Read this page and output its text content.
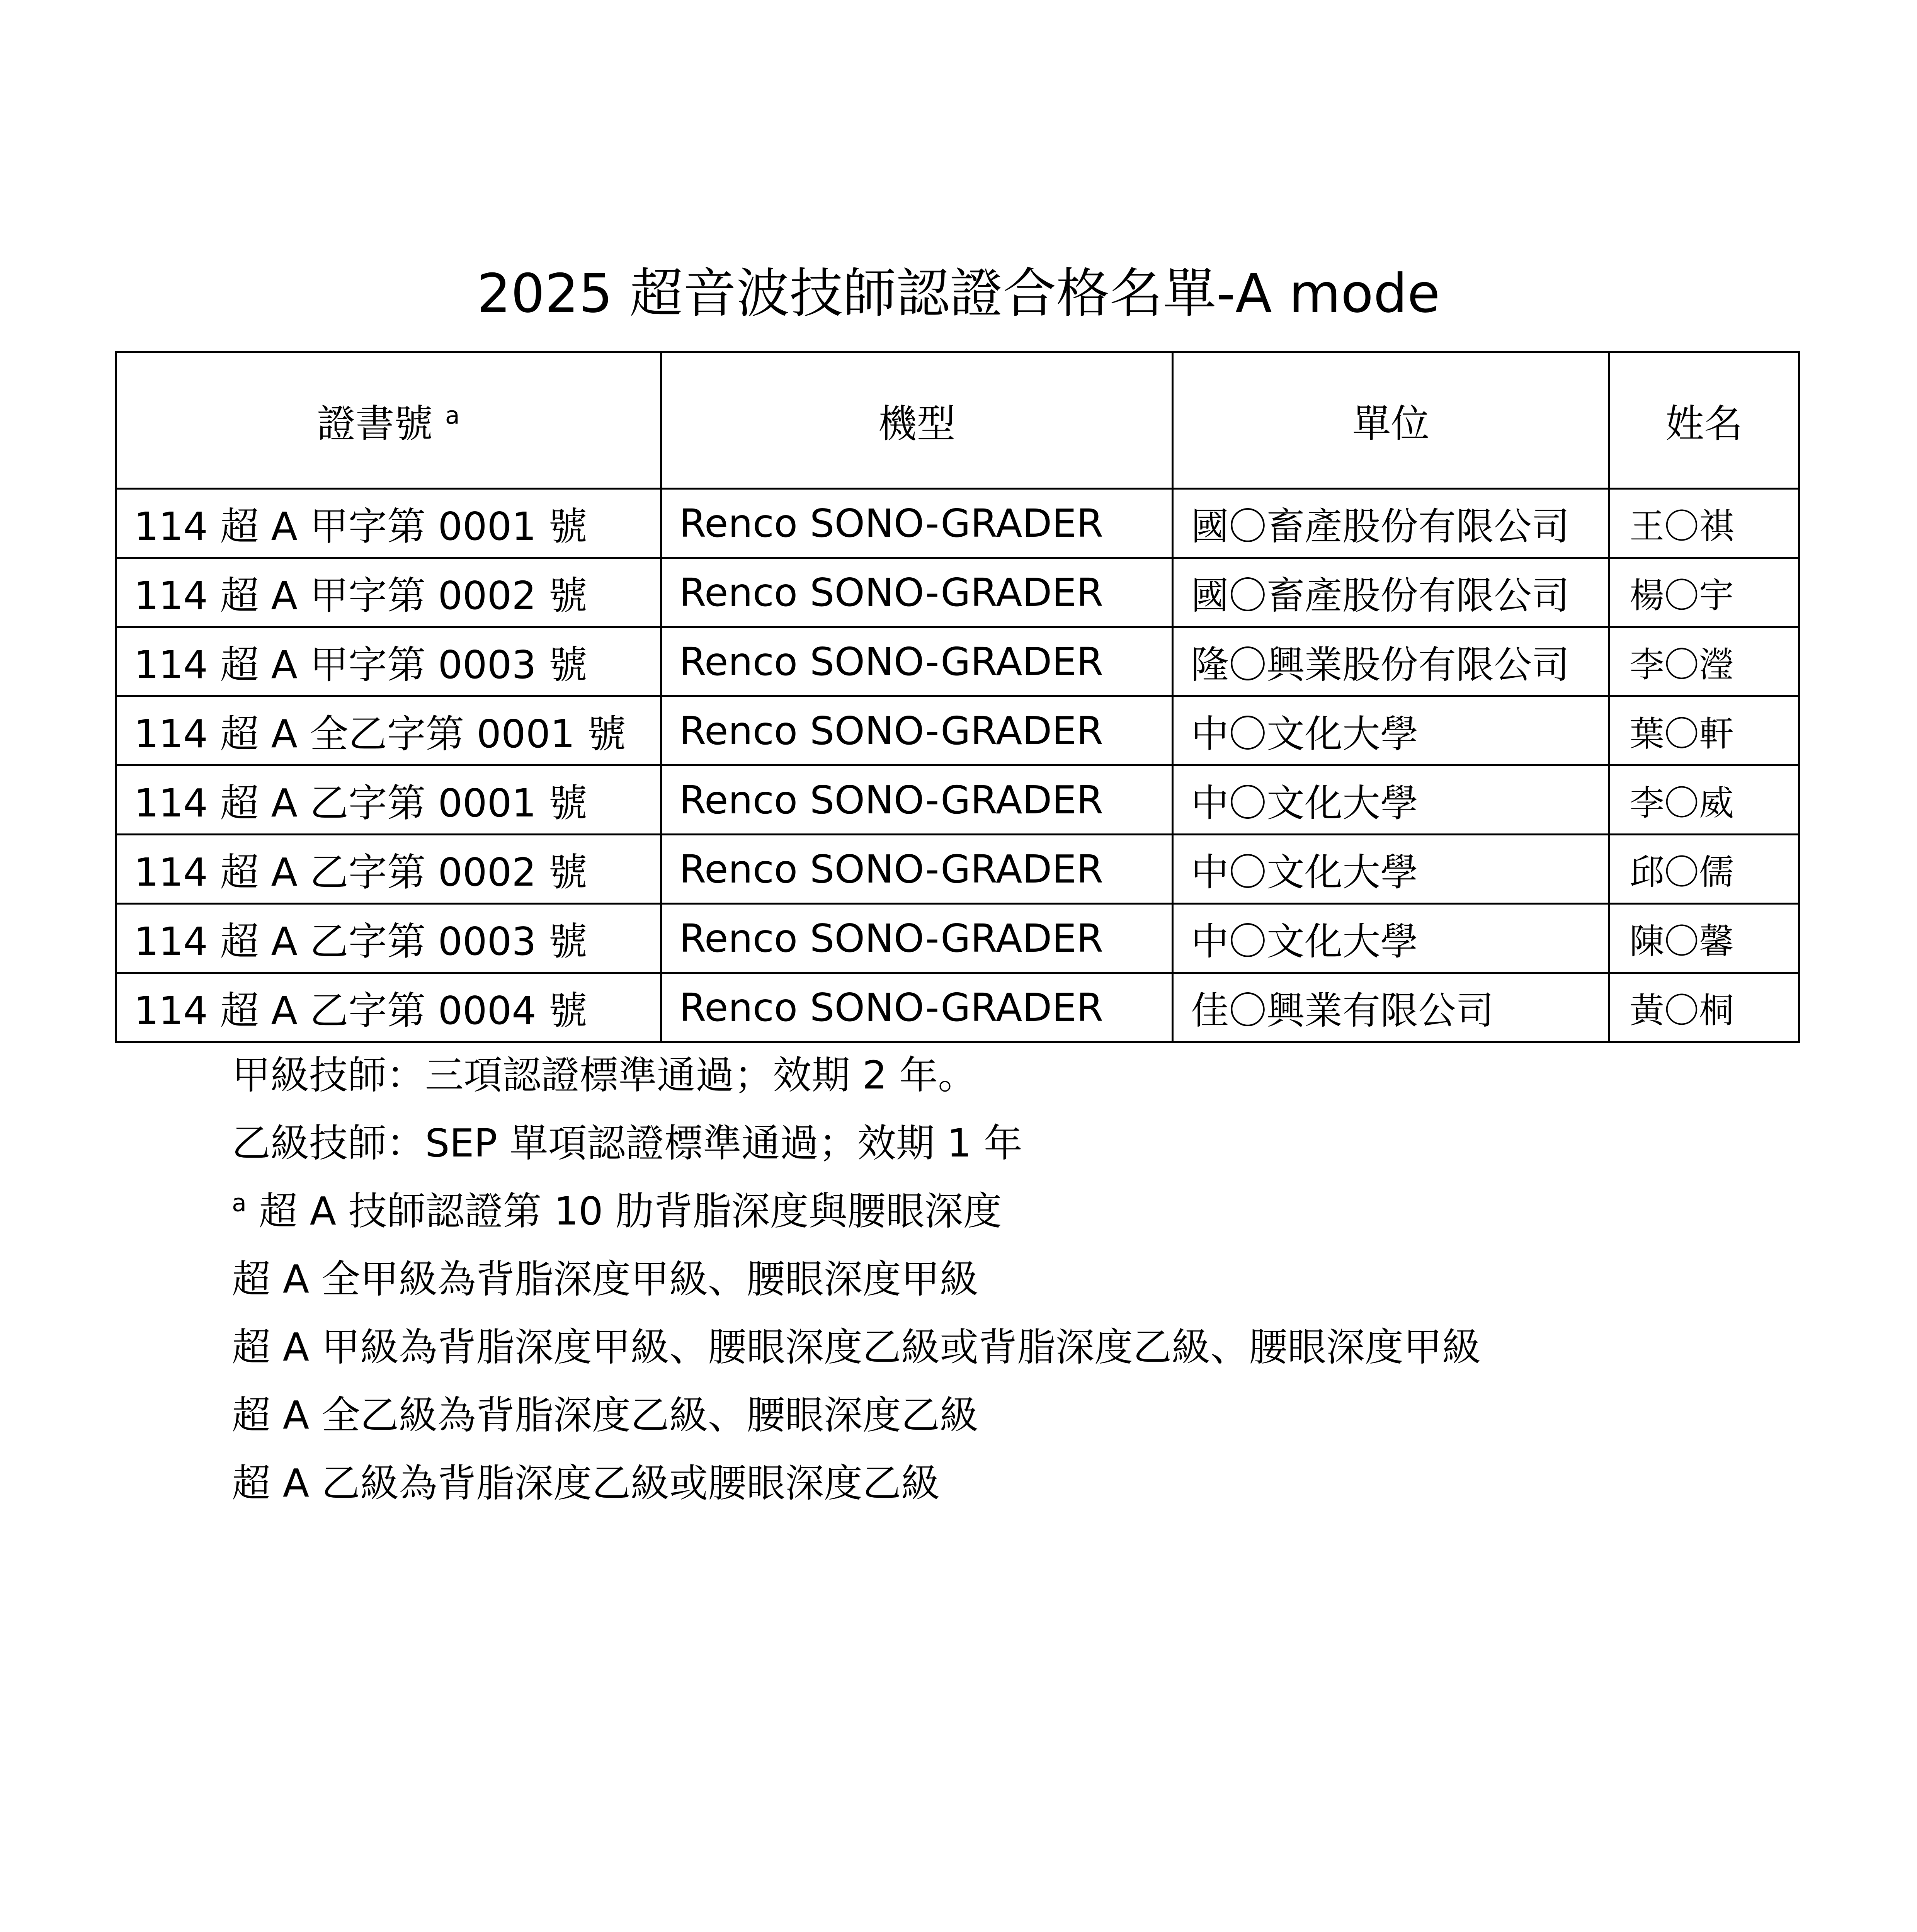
2025 超音波技師認證合格名單-A mode
證書號 $^a$	機型	單位	姓名
114 超 A 甲字第 0001 號	Renco SONO-GRADER	國〇畜產股份有限公司	王〇祺
114 超 A 甲字第 0002 號	Renco SONO-GRADER	國〇畜產股份有限公司	楊〇宇
114 超 A 甲字第 0003 號	Renco SONO-GRADER	隆〇興業股份有限公司	李〇瀅
114 超 A 全乙字第 0001 號	Renco SONO-GRADER	中〇文化大學	葉〇軒
114 超 A 乙字第 0001 號	Renco SONO-GRADER	中〇文化大學	李〇威
114 超 A 乙字第 0002 號	Renco SONO-GRADER	中〇文化大學	邱〇儒
114 超 A 乙字第 0003 號	Renco SONO-GRADER	中〇文化大學	陳〇馨
114 超 A 乙字第 0004 號	Renco SONO-GRADER	佳〇興業有限公司	黃〇桐
甲級技師：三項認證標準通過；效期 2 年。
乙級技師：SEP 單項認證標準通過；效期 1 年
$^a$ 超 A 技師認證第 10 肋背脂深度與腰眼深度
超 A 全甲級為背脂深度甲級、腰眼深度甲級
超 A 甲級為背脂深度甲級、腰眼深度乙級或背脂深度乙級、腰眼深度甲級
超 A 全乙級為背脂深度乙級、腰眼深度乙級
超 A 乙級為背脂深度乙級或腰眼深度乙級
